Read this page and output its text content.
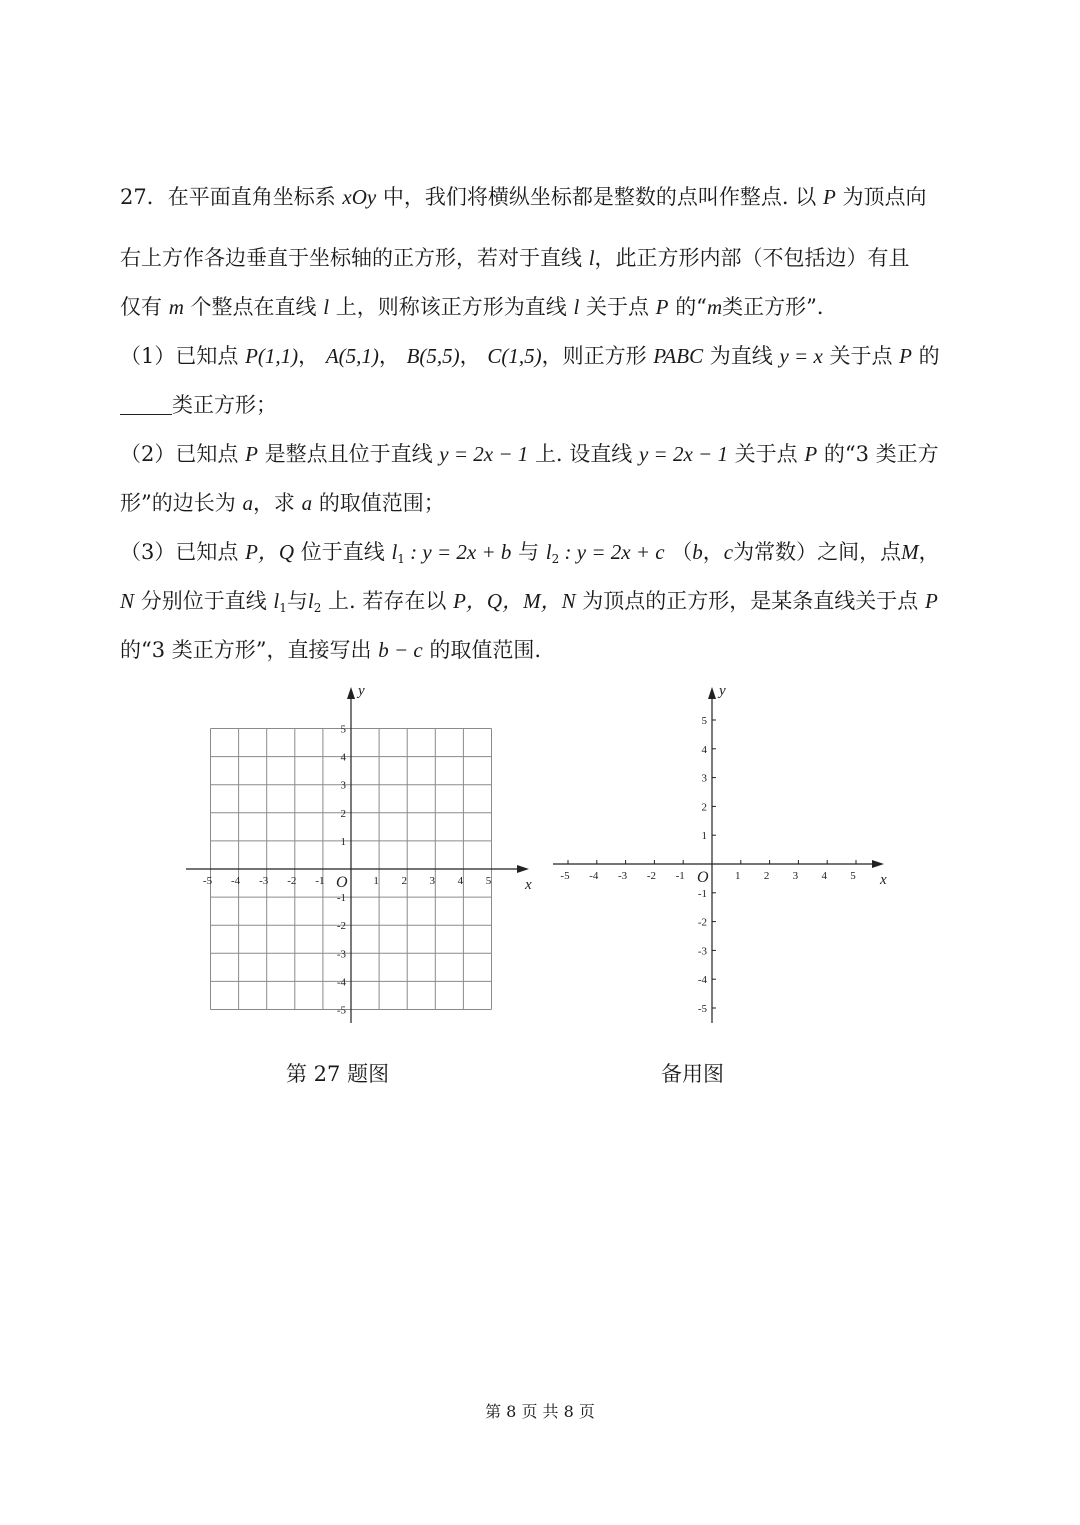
27．在平面直角坐标系 xOy 中，我们将横纵坐标都是整数的点叫作整点. 以 P 为顶点向
右上方作各边垂直于坐标轴的正方形，若对于直线 l，此正方形内部（不包括边）有且
仅有 m 个整点在直线 l 上，则称该正方形为直线 l 关于点 P 的“m类正方形”．
（1）已知点 P(1,1)， A(5,1)， B(5,5)， C(1,5)，则正方形 PABC 为直线 y = x 关于点 P 的
类正方形；
（2）已知点 P 是整点且位于直线 y = 2x − 1 上. 设直线 y = 2x − 1 关于点 P 的“3 类正方
形”的边长为 a，求 a 的取值范围；
（3）已知点 P，Q 位于直线 $l_1$ : y = 2x + b 与 $l_2$ : y = 2x + c （b，c为常数）之间，点M，
N 分别位于直线 $l_1$与$l_2$ 上. 若存在以 P，Q，M，N 为顶点的正方形，是某条直线关于点 P
的“3 类正方形”，直接写出 b − c 的取值范围.
-5
-5
-4
-4
-3
-3
-2
-2
-1
-1
1
1
2
2
3
3
4
4
5
5
x
y
O	-5
-5
-4
-4
-3
-3
-2
-2
-1
-1
1
1
2
2
3
3
4
4
5
5
x
y
O
第 27 题图	备用图
第 8 页 共 8 页
